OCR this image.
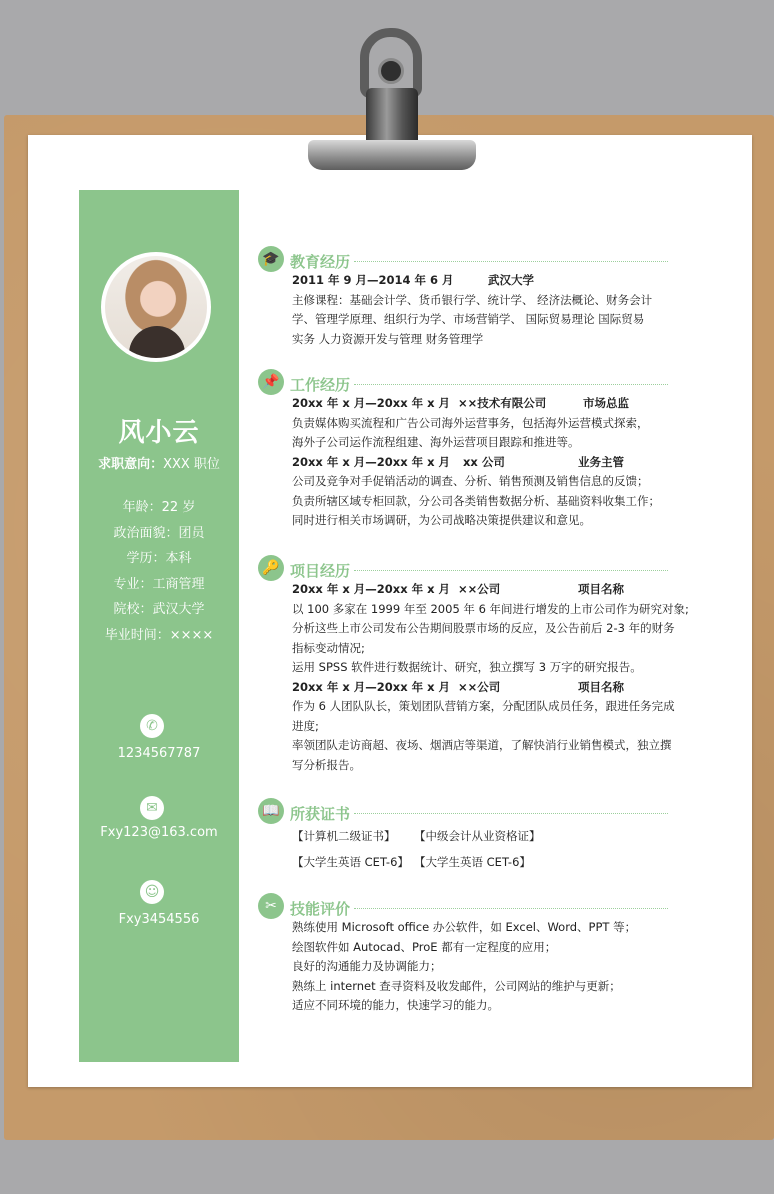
风小云
求职意向：XXX 职位
年龄：22 岁
政治面貌：团员
学历：本科
专业：工商管理
院校：武汉大学
毕业时间：××××
✆
1234567787
✉
Fxy123@163.com
☺
Fxy3454556
🎓 教育经历
2011 年 9 月—2014 年 6 月	武汉大学
主修课程：基础会计学、货币银行学、统计学、 经济法概论、财务会计
学、管理学原理、组织行为学、市场营销学、 国际贸易理论 国际贸易
实务 人力资源开发与管理 财务管理学
📌 工作经历
20xx 年 x 月—20xx 年 x 月 ××技术有限公司	市场总监
负责媒体购买流程和广告公司海外运营事务，包括海外运营模式探索，
海外子公司运作流程组建、海外运营项目跟踪和推进等。
20xx 年 x 月—20xx 年 x 月 xx 公司	业务主管
公司及竞争对手促销活动的调查、分析、销售预测及销售信息的反馈；
负责所辖区域专柜回款，分公司各类销售数据分析、基础资料收集工作；
同时进行相关市场调研，为公司战略决策提供建议和意见。
🔑 项目经历
20xx 年 x 月—20xx 年 x 月 ××公司	项目名称
以 100 多家在 1999 年至 2005 年 6 年间进行增发的上市公司作为研究对象;
分析这些上市公司发布公告期间股票市场的反应，及公告前后 2-3 年的财务
指标变动情况;
运用 SPSS 软件进行数据统计、研究，独立撰写 3 万字的研究报告。
20xx 年 x 月—20xx 年 x 月 ××公司	项目名称
作为 6 人团队队长，策划团队营销方案，分配团队成员任务，跟进任务完成
进度;
率领团队走访商超、夜场、烟酒店等渠道，了解快消行业销售模式，独立撰
写分析报告。
📖 所获证书
【计算机二级证书】 【中级会计从业资格证】
【大学生英语 CET-6】 【大学生英语 CET-6】
✂ 技能评价
熟练使用 Microsoft office 办公软件，如 Excel、Word、PPT 等；
绘图软件如 Autocad、ProE 都有一定程度的应用；
良好的沟通能力及协调能力；
熟练上 internet 查寻资料及收发邮件，公司网站的维护与更新；
适应不同环境的能力，快速学习的能力。
